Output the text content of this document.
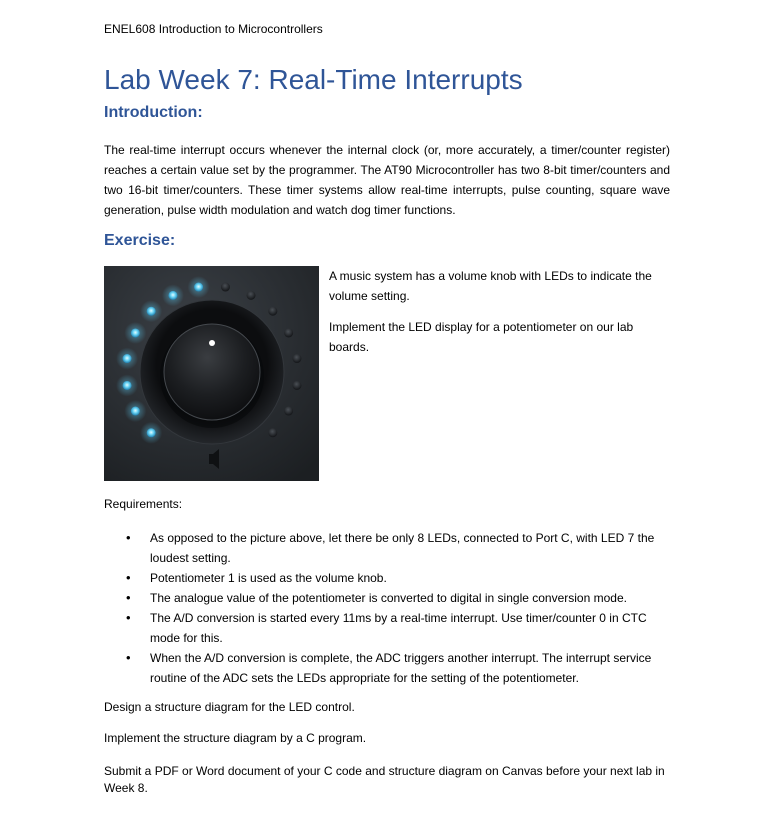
ENEL608 Introduction to Microcontrollers
Lab Week 7: Real-Time Interrupts
Introduction:

The real-time interrupt occurs whenever the internal clock (or, more accurately, a timer/counter register) reaches a certain value set by the programmer. The AT90 Microcontroller has two 8-bit timer/counters and two 16-bit timer/counters. These timer systems allow real-time interrupts, pulse counting, square wave generation, pulse width modulation and watch dog timer functions.

Exercise:

A music system has a volume knob with LEDs to indicate the volume setting.

Implement the LED display for a potentiometer on our lab boards.

Requirements:
• As opposed to the picture above, let there be only 8 LEDs, connected to Port C, with LED 7 the loudest setting.
• Potentiometer 1 is used as the volume knob.
• The analogue value of the potentiometer is converted to digital in single conversion mode.
• The A/D conversion is started every 11ms by a real-time interrupt. Use timer/counter 0 in CTC mode for this.
• When the A/D conversion is complete, the ADC triggers another interrupt. The interrupt service routine of the ADC sets the LEDs appropriate for the setting of the potentiometer.

Design a structure diagram for the LED control.

Implement the structure diagram by a C program.

Submit a PDF or Word document of your C code and structure diagram on Canvas before your next lab in Week 8.
